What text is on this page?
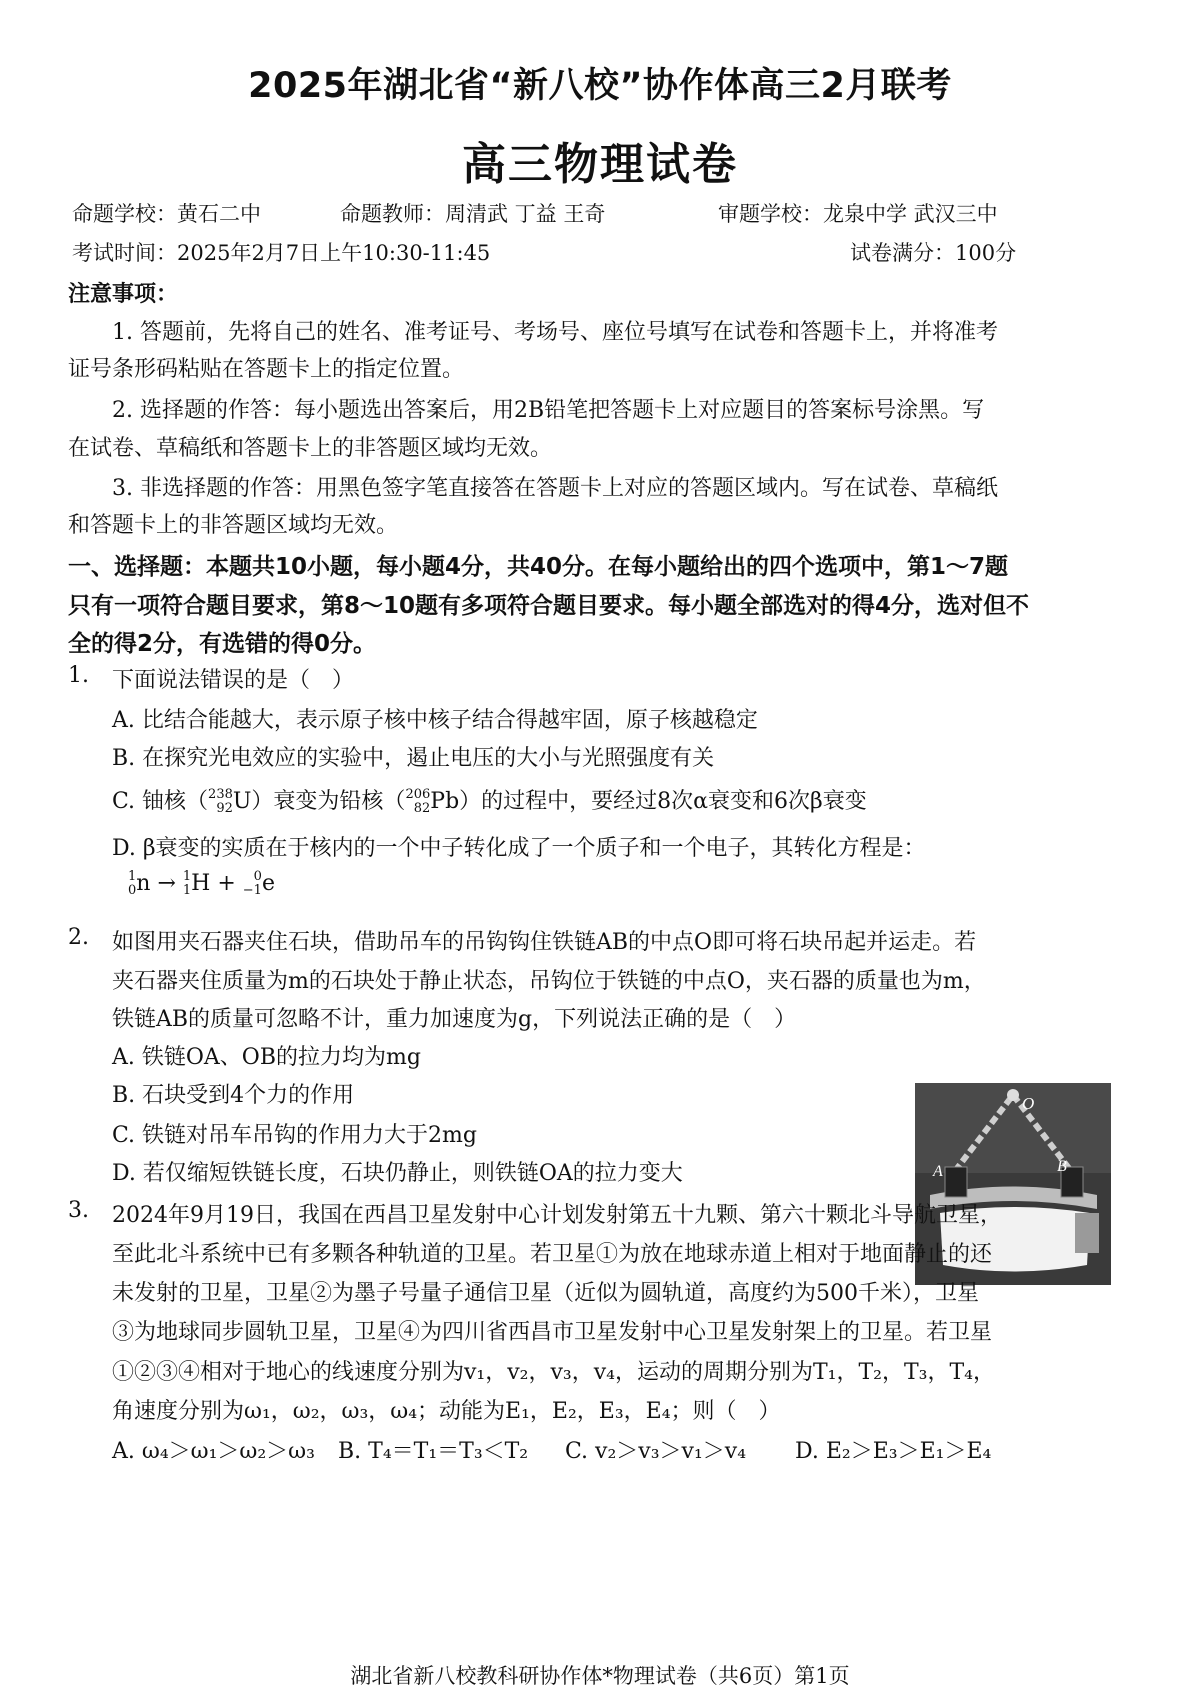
2025年湖北省“新八校”协作体高三2月联考
高三物理试卷
命题学校：黄石二中	命题教师：周清武 丁益 王奇	审题学校：龙泉中学 武汉三中
考试时间：2025年2月7日上午10:30-11:45	试卷满分：100分
注意事项：
1. 答题前，先将自己的姓名、准考证号、考场号、座位号填写在试卷和答题卡上，并将准考
证号条形码粘贴在答题卡上的指定位置。
2. 选择题的作答：每小题选出答案后，用2B铅笔把答题卡上对应题目的答案标号涂黑。写
在试卷、草稿纸和答题卡上的非答题区域均无效。
3. 非选择题的作答：用黑色签字笔直接答在答题卡上对应的答题区域内。写在试卷、草稿纸
和答题卡上的非答题区域均无效。
一、选择题：本题共10小题，每小题4分，共40分。在每小题给出的四个选项中，第1～7题
只有一项符合题目要求，第8～10题有多项符合题目要求。每小题全部选对的得4分，选对但不
全的得2分，有选错的得0分。
1. 下面说法错误的是（　）
A. 比结合能越大，表示原子核中核子结合得越牢固，原子核越稳定
B. 在探究光电效应的实验中，遏止电压的大小与光照强度有关
C. 铀核（ 238
92 U）衰变为铅核（ 206
82 Pb）的过程中，要经过8次α衰变和6次β衰变
D. β衰变的实质在于核内的一个中子转化成了一个质子和一个电子，其转化方程是：
1
0 n → 1
1 H + 0
−1 e
2. 如图用夹石器夹住石块，借助吊车的吊钩钩住铁链AB的中点O即可将石块吊起并运走。若
夹石器夹住质量为m的石块处于静止状态，吊钩位于铁链的中点O，夹石器的质量也为m，
铁链AB的质量可忽略不计，重力加速度为g，下列说法正确的是（　）
A. 铁链OA、OB的拉力均为mg
B. 石块受到4个力的作用
C. 铁链对吊车吊钩的作用力大于2mg
D. 若仅缩短铁链长度，石块仍静止，则铁链OA的拉力变大
O
A	B
3. 2024年9月19日，我国在西昌卫星发射中心计划发射第五十九颗、第六十颗北斗导航卫星，
至此北斗系统中已有多颗各种轨道的卫星。若卫星①为放在地球赤道上相对于地面静止的还
未发射的卫星，卫星②为墨子号量子通信卫星（近似为圆轨道，高度约为500千米），卫星
③为地球同步圆轨卫星，卫星④为四川省西昌市卫星发射中心卫星发射架上的卫星。若卫星
①②③④相对于地心的线速度分别为v₁，v₂，v₃，v₄，运动的周期分别为T₁，T₂，T₃，T₄，
角速度分别为ω₁，ω₂，ω₃，ω₄；动能为E₁，E₂，E₃，E₄；则（　）
A. ω₄＞ω₁＞ω₂＞ω₃ B. T₄＝T₁＝T₃＜T₂ C. v₂＞v₃＞v₁＞v₄ D. E₂＞E₃＞E₁＞E₄
湖北省新八校教科研协作体*物理试卷（共6页）第1页
